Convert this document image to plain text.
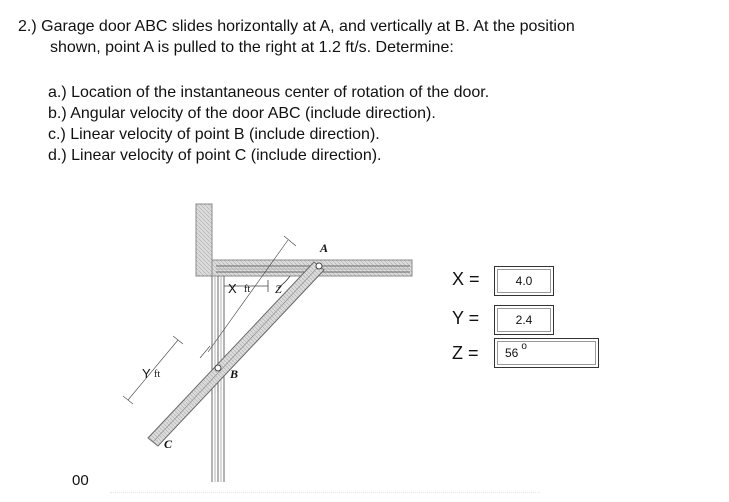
2.) Garage door ABC slides horizontally at A, and vertically at B. At the position
shown, point A is pulled to the right at 1.2 ft/s. Determine:
a.) Location of the instantaneous center of rotation of the door.
b.) Angular velocity of the door ABC (include direction).
c.) Linear velocity of point B (include direction).
d.) Linear velocity of point C (include direction).
X ft Z
Y ft
A
B
C
X =	4.0
Y =	2.4
Z =	56 o
00
